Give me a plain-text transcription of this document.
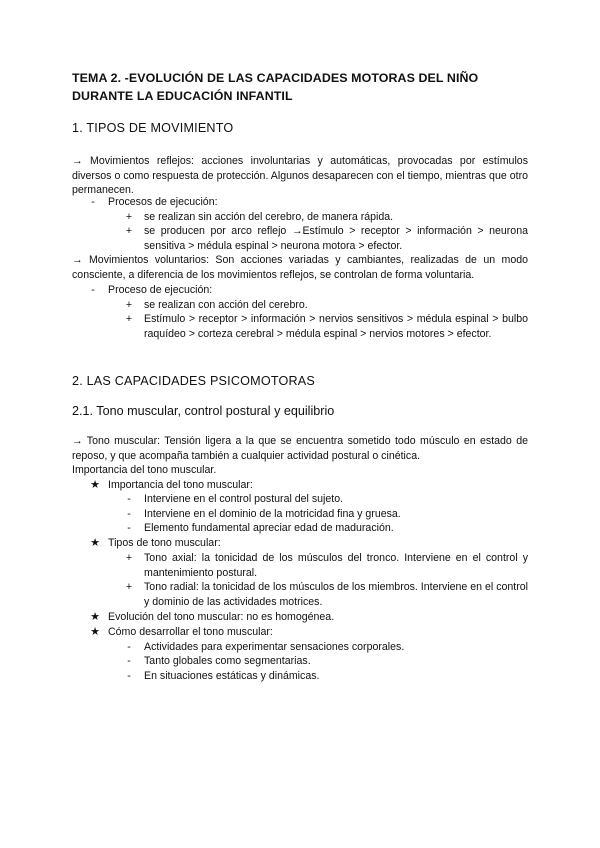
TEMA 2. -EVOLUCIÓN DE LAS CAPACIDADES MOTORAS DEL NIÑO DURANTE LA EDUCACIÓN INFANTIL
1. TIPOS DE MOVIMIENTO
→ Movimientos reflejos: acciones involuntarias y automáticas, provocadas por estímulos diversos o como respuesta de protección. Algunos desaparecen con el tiempo, mientras que otro permanecen.
-	Procesos de ejecución:
+	se realizan sin acción del cerebro, de manera rápida.
+	se producen por arco reflejo →Estímulo > receptor > información > neurona sensitiva > médula espinal > neurona motora > efector.
→ Movimientos voluntarios: Son acciones variadas y cambiantes, realizadas de un modo consciente, a diferencia de los movimientos reflejos, se controlan de forma voluntaria.
-	Proceso de ejecución:
+	se realizan con acción del cerebro.
+	Estímulo > receptor > información > nervios sensitivos > médula espinal > bulbo raquídeo > corteza cerebral > médula espinal > nervios motores > efector.
2. LAS CAPACIDADES PSICOMOTORAS
2.1. Tono muscular, control postural y equilibrio
→ Tono muscular: Tensión ligera a la que se encuentra sometido todo músculo en estado de reposo, y que acompaña también a cualquier actividad postural o cinética.
Importancia del tono muscular.
★ Importancia del tono muscular:
-	Interviene en el control postural del sujeto.
-	Interviene en el dominio de la motricidad fina y gruesa.
-	Elemento fundamental apreciar edad de maduración.
★ Tipos de tono muscular:
+	Tono axial: la tonicidad de los músculos del tronco. Interviene en el control y mantenimiento postural.
+	Tono radial: la tonicidad de los músculos de los miembros. Interviene en el control y dominio de las actividades motrices.
★ Evolución del tono muscular: no es homogénea.
★ Cómo desarrollar el tono muscular:
-	Actividades para experimentar sensaciones corporales.
-	Tanto globales como segmentarias.
-	En situaciones estáticas y dinámicas.
